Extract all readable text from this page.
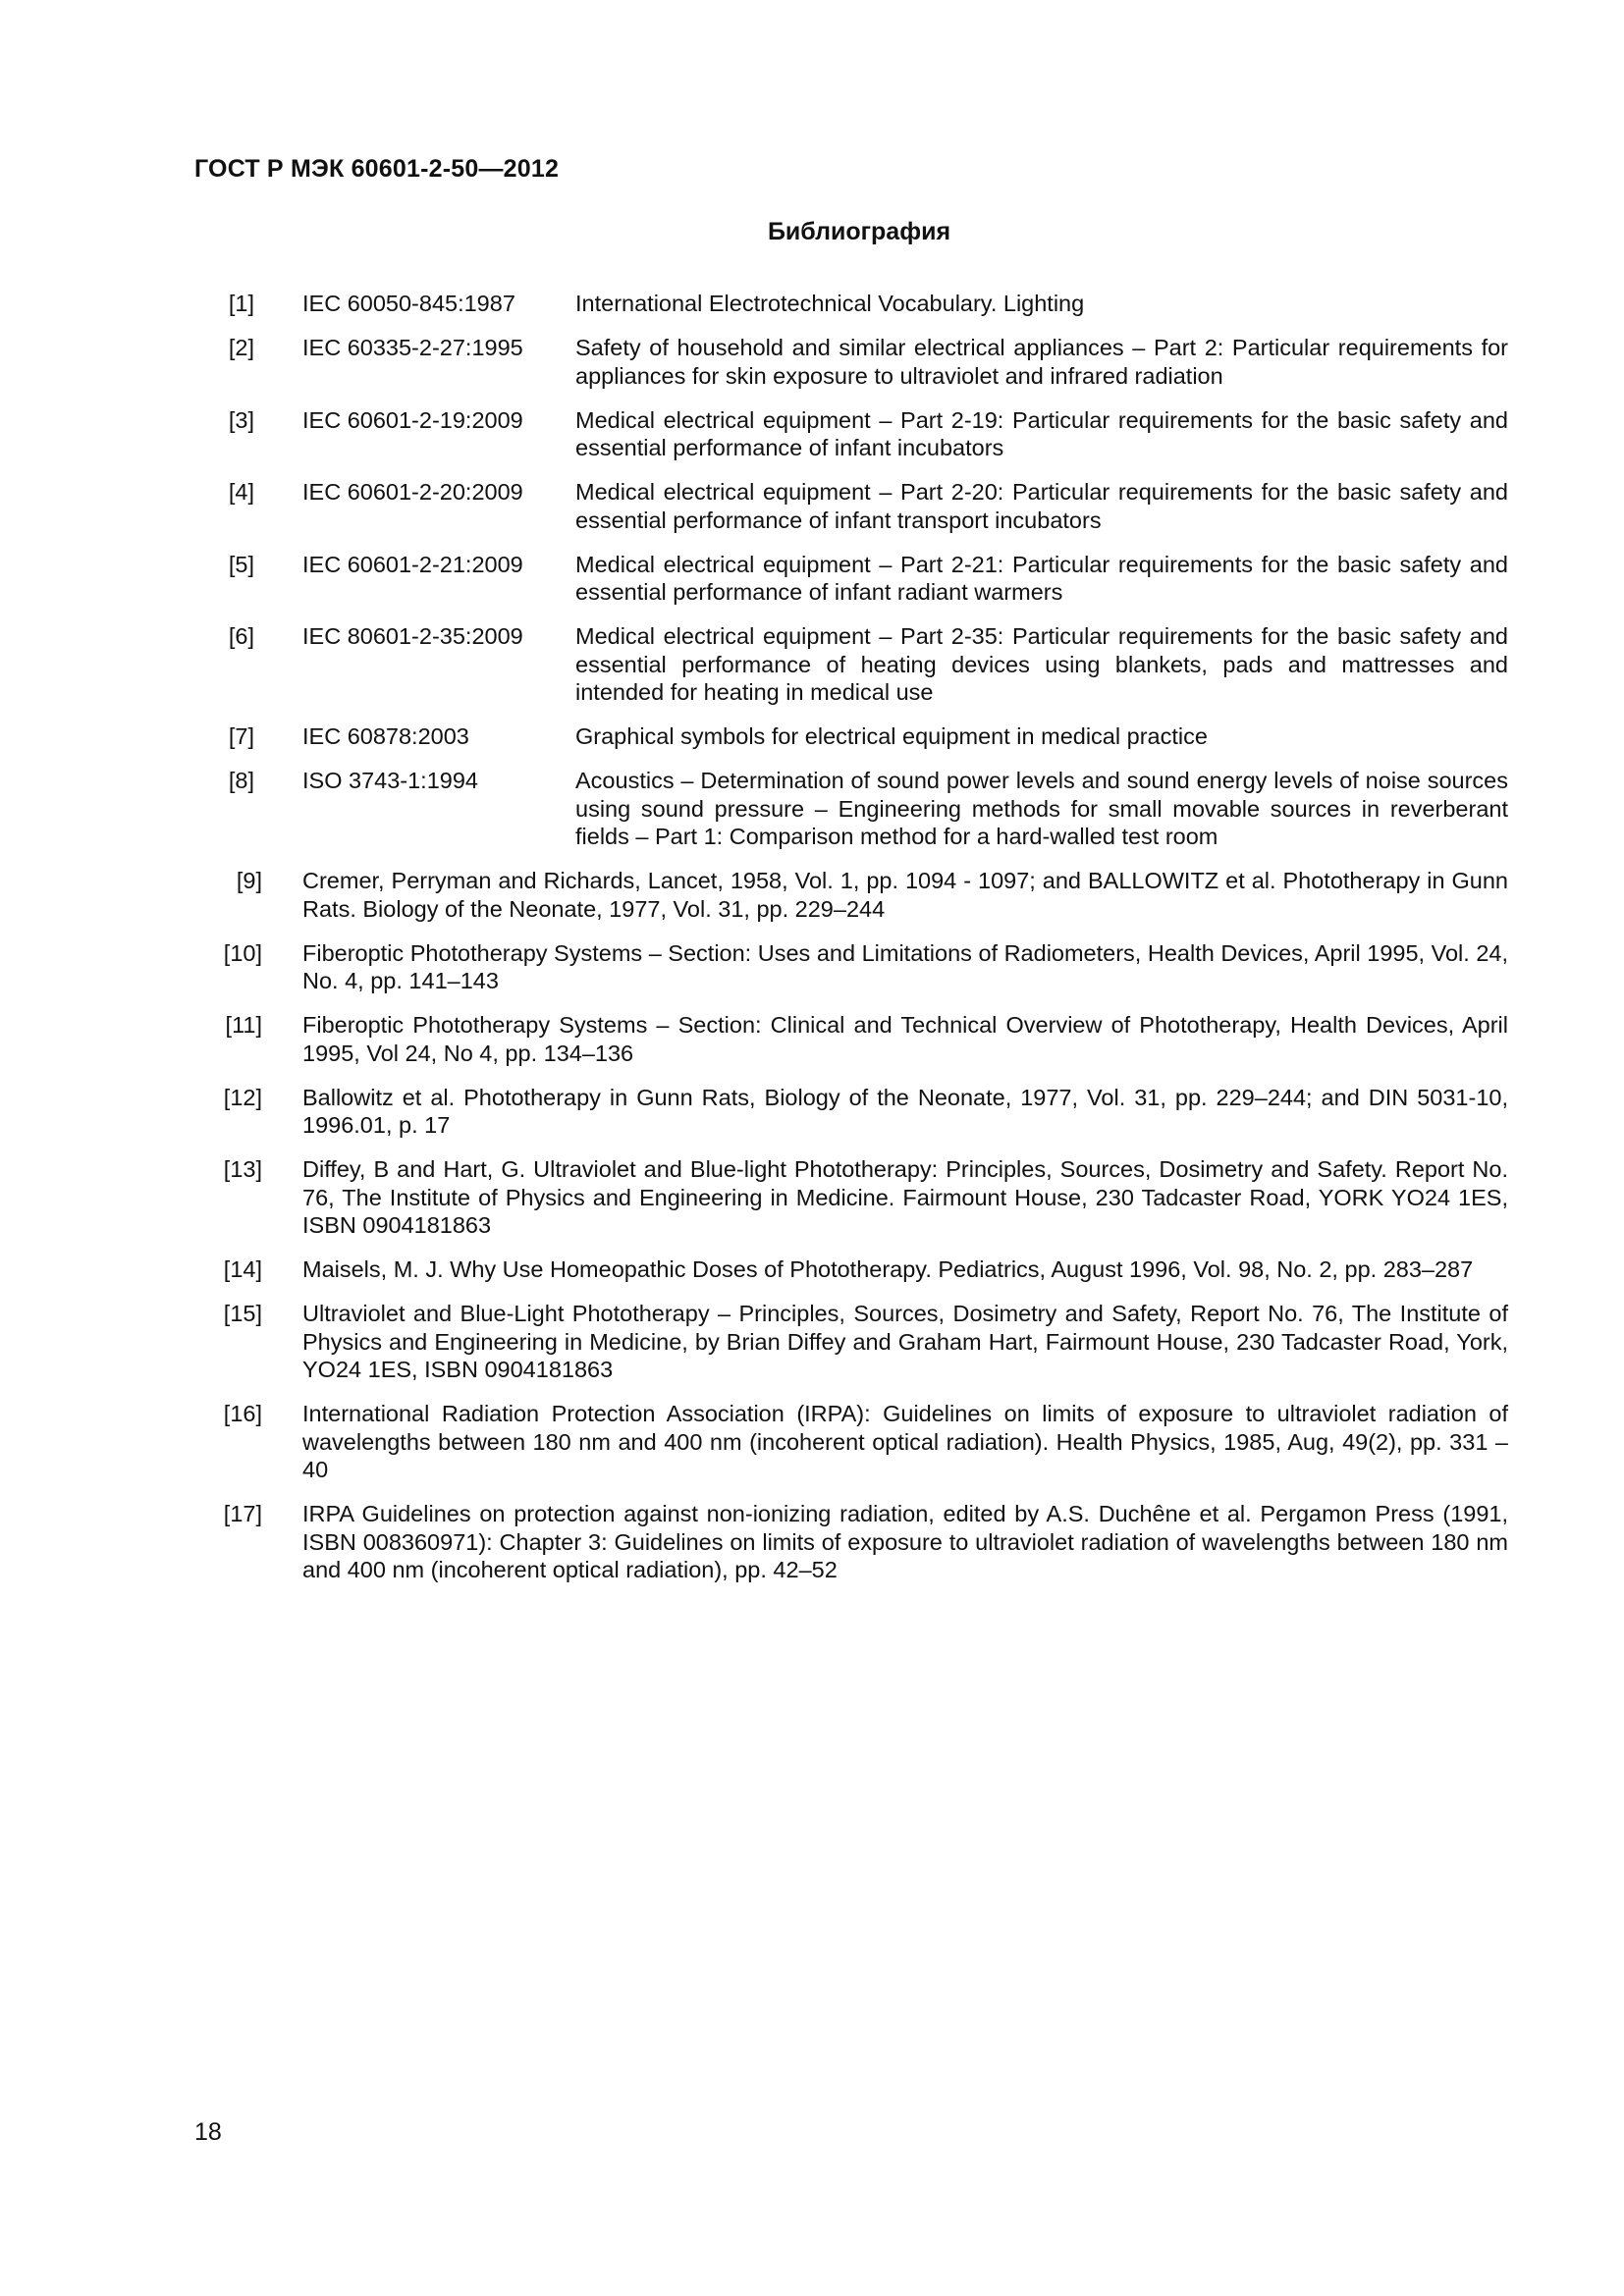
ГОСТ Р МЭК 60601-2-50—2012
Библиография
[1] IEC 60050-845:1987	International Electrotechnical Vocabulary. Lighting
[2] IEC 60335-2-27:1995 Safety of household and similar electrical appliances – Part 2: Particular requirements for appliances for skin exposure to ultraviolet and infrared radiation
[3] IEC 60601-2-19:2009 Medical electrical equipment – Part 2-19: Particular requirements for the basic safety and essential performance of infant incubators
[4] IEC 60601-2-20:2009 Medical electrical equipment – Part 2-20: Particular requirements for the basic safety and essential performance of infant transport incubators
[5] IEC 60601-2-21:2009 Medical electrical equipment – Part 2-21: Particular requirements for the basic safety and essential performance of infant radiant warmers
[6] IEC 80601-2-35:2009 Medical electrical equipment – Part 2-35: Particular requirements for the basic safety and essential performance of heating devices using blankets, pads and mattresses and intended for heating in medical use
[7] IEC 60878:2003	Graphical symbols for electrical equipment in medical practice
[8] ISO 3743-1:1994	Acoustics – Determination of sound power levels and sound energy levels of noise sources using sound pressure – Engineering methods for small movable sources in reverberant fields – Part 1: Comparison method for a hard-walled test room
[9] Cremer, Perryman and Richards, Lancet, 1958, Vol. 1, pp. 1094 - 1097; and BALLOWITZ et al. Phototherapy in Gunn Rats. Biology of the Neonate, 1977, Vol. 31, pp. 229–244
[10] Fiberoptic Phototherapy Systems – Section: Uses and Limitations of Radiometers, Health Devices, April 1995, Vol. 24, No. 4, pp. 141–143
[11] Fiberoptic Phototherapy Systems – Section: Clinical and Technical Overview of Phototherapy, Health Devices, April 1995, Vol 24, No 4, pp. 134–136
[12] Ballowitz et al. Phototherapy in Gunn Rats, Biology of the Neonate, 1977, Vol. 31, pp. 229–244; and DIN 5031-10, 1996.01, p. 17
[13] Diffey, B and Hart, G. Ultraviolet and Blue-light Phototherapy: Principles, Sources, Dosimetry and Safety. Report No. 76, The Institute of Physics and Engineering in Medicine. Fairmount House, 230 Tadcaster Road, YORK YO24 1ES, ISBN 0904181863
[14] Maisels, M. J. Why Use Homeopathic Doses of Phototherapy. Pediatrics, August 1996, Vol. 98, No. 2, pp. 283–287
[15] Ultraviolet and Blue-Light Phototherapy – Principles, Sources, Dosimetry and Safety, Report No. 76, The Institute of Physics and Engineering in Medicine, by Brian Diffey and Graham Hart, Fairmount House, 230 Tadcaster Road, York, YO24 1ES, ISBN 0904181863
[16] International Radiation Protection Association (IRPA): Guidelines on limits of exposure to ultraviolet radiation of wavelengths between 180 nm and 400 nm (incoherent optical radiation). Health Physics, 1985, Aug, 49(2), pp. 331 – 40
[17] IRPA Guidelines on protection against non-ionizing radiation, edited by A.S. Duchêne et al. Pergamon Press (1991, ISBN 008360971): Chapter 3: Guidelines on limits of exposure to ultraviolet radiation of wavelengths between 180 nm and 400 nm (incoherent optical radiation), pp. 42–52
18
